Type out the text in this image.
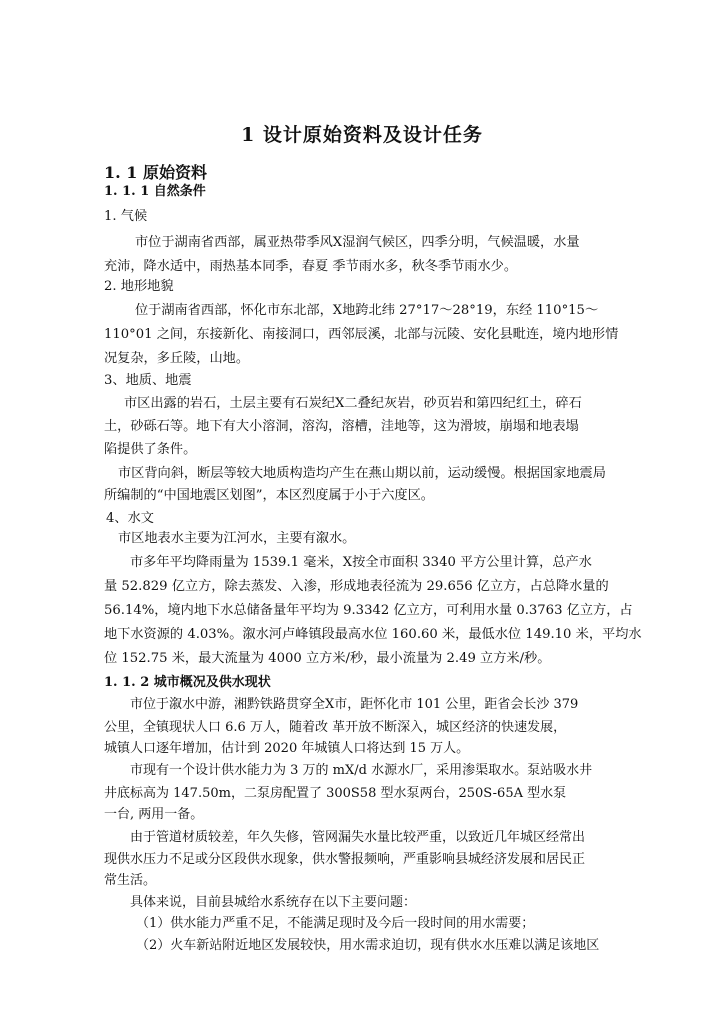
1 设计原始资料及设计任务
1. 1 原始资料
1. 1. 1 自然条件
1. 气候
市位于湖南省西部，属亚热带季风Ⅹ湿润气候区，四季分明，气候温暖，水量
充沛，降水适中，雨热基本同季，春夏 季节雨水多，秋冬季节雨水少。
2. 地形地貌
位于湖南省西部，怀化市东北部，Ⅹ地跨北纬 27°17～28°19，东经 110°15～
110°01 之间，东接新化、南接洞口，西邻辰溪，北部与沅陵、安化县毗连，境内地形情
况复杂，多丘陵，山地。
3、地质、地震
市区出露的岩石，土层主要有石炭纪Ⅹ二叠纪灰岩，砂页岩和第四纪红土，碎石
土，砂砾石等。地下有大小溶洞，溶沟，溶槽，洼地等，这为滑坡，崩塌和地表塌
陷提供了条件。
市区背向斜，断层等较大地质构造均产生在燕山期以前，运动缓慢。根据国家地震局
所编制的“中国地震区划图”，本区烈度属于小于六度区。
4、水文
市区地表水主要为江河水，主要有溆水。
市多年平均降雨量为 1539.1 毫米，Ⅹ按全市面积 3340 平方公里计算，总产水
量 52.829 亿立方，除去蒸发、入渗，形成地表径流为 29.656 亿立方，占总降水量的
56.14%，境内地下水总储备量年平均为 9.3342 亿立方，可利用水量 0.3763 亿立方，占
地下水资源的 4.03%。溆水河卢峰镇段最高水位 160.60 米，最低水位 149.10 米，平均水
位 152.75 米，最大流量为 4000 立方米/秒，最小流量为 2.49 立方米/秒。
1. 1. 2 城市概况及供水现状
市位于溆水中游，湘黔铁路贯穿全Ⅹ市，距怀化市 101 公里，距省会长沙 379
公里，全镇现状人口 6.6 万人，随着改 革开放不断深入，城区经济的快速发展，
城镇人口逐年增加，估计到 2020 年城镇人口将达到 15 万人。
市现有一个设计供水能力为 3 万的 mⅩ/d 水源水厂，采用渗渠取水。泵站吸水井
井底标高为 147.50m，二泵房配置了 300S58 型水泵两台，250S-65A 型水泵
一台, 两用一备。
由于管道材质较差，年久失修，管网漏失水量比较严重，以致近几年城区经常出
现供水压力不足或分区段供水现象，供水警报频响，严重影响县城经济发展和居民正
常生活。
具体来说，目前县城给水系统存在以下主要问题：
（1）供水能力严重不足，不能满足现时及今后一段时间的用水需要；
（2）火车新站附近地区发展较快，用水需求迫切，现有供水水压难以满足该地区
